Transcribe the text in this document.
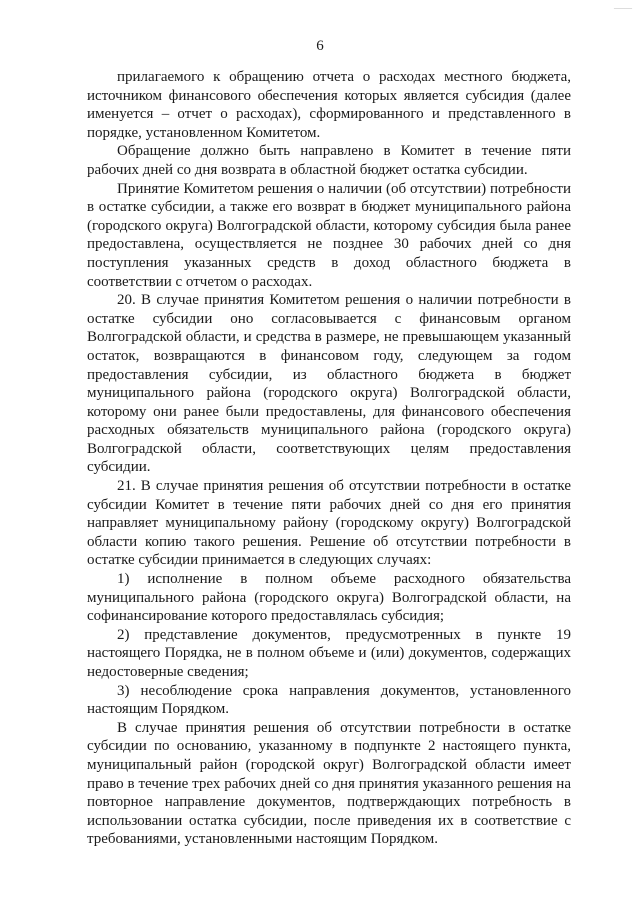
____
6

прилагаемого к обращению отчета о расходах местного бюджета, источником финансового обеспечения которых является субсидия (далее именуется – отчет о расходах), сформированного и представленного в порядке, установленном Комитетом.

Обращение должно быть направлено в Комитет в течение пяти рабочих дней со дня возврата в областной бюджет остатка субсидии.

Принятие Комитетом решения о наличии (об отсутствии) потребности в остатке субсидии, а также его возврат в бюджет муниципального района (городского округа) Волгоградской области, которому субсидия была ранее предоставлена, осуществляется не позднее 30 рабочих дней со дня поступления указанных средств в доход областного бюджета в соответствии с отчетом о расходах.

20. В случае принятия Комитетом решения о наличии потребности в остатке субсидии оно согласовывается с финансовым органом Волгоградской области, и средства в размере, не превышающем указанный остаток, возвращаются в финансовом году, следующем за годом предоставления субсидии, из областного бюджета в бюджет муниципального района (городского округа) Волгоградской области, которому они ранее были предоставлены, для финансового обеспечения расходных обязательств муниципального района (городского округа) Волгоградской области, соответствующих целям предоставления субсидии.

21. В случае принятия решения об отсутствии потребности в остатке субсидии Комитет в течение пяти рабочих дней со дня его принятия направляет муниципальному району (городскому округу) Волгоградской области копию такого решения. Решение об отсутствии потребности в остатке субсидии принимается в следующих случаях:

1) исполнение в полном объеме расходного обязательства муниципального района (городского округа) Волгоградской области, на софинансирование которого предоставлялась субсидия;

2) представление документов, предусмотренных в пункте 19 настоящего Порядка, не в полном объеме и (или) документов, содержащих недостоверные сведения;

3) несоблюдение срока направления документов, установленного настоящим Порядком.

В случае принятия решения об отсутствии потребности в остатке субсидии по основанию, указанному в подпункте 2 настоящего пункта, муниципальный район (городской округ) Волгоградской области имеет право в течение трех рабочих дней со дня принятия указанного решения на повторное направление документов, подтверждающих потребность в использовании остатка субсидии, после приведения их в соответствие с требованиями, установленными настоящим Порядком.
